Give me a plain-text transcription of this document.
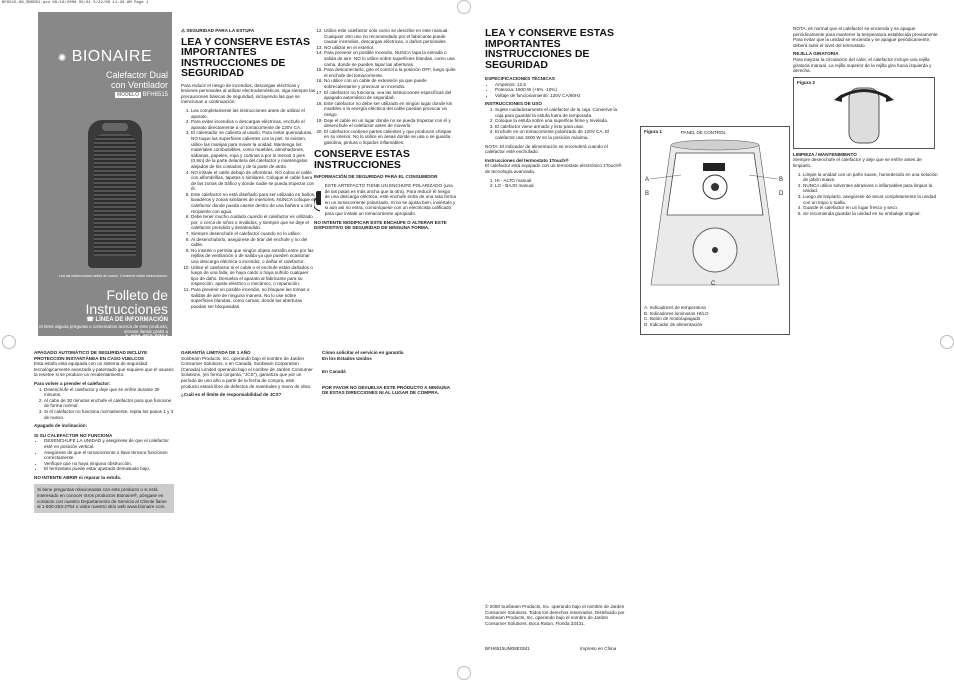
BF6515-08_SBGR01.qxd 09/10/2008 09:01 5/22/08 11:29 AM Page 1
✺ BIONAIRE
Calefactor Dual
con Ventilador
MODELO BFH6515
Lea las instrucciones antes de usarlo. Conserve estas instrucciones.
Folleto de
Instrucciones
☎ LÍNEA DE INFORMACIÓN
Si tiene alguna pregunta o comentarios acerca de este producto, sírvase llamar gratis a
1-800-253-2764
BFH6515-M18IC0008861
⚠ SEGURIDAD PARA LA ESTUFA
LEA Y CONSERVE ESTAS IMPORTANTES INSTRUCCIONES DE SEGURIDAD

Para reducir el riesgo de incendios, descargas eléctricas y lesiones personales al utilizar electrodomésticos, siga siempre las precauciones básicas de seguridad, incluyendo las que se mencionan a continuación:

1. Lea completamente las instrucciones antes de utilizar el aparato.
2. Para evitar incendios o descargas eléctricas, enchufe el aparato directamente a un tomacorriente de 120V CA.
3. El calentador se calienta al usarlo. Para evitar quemaduras, NO toque las superficies calientes con la piel. Si existen, utilice las manijas para mover la unidad. Mantenga los materiales combustibles, como muebles, almohadones, sábanas, papeles, ropa y cortinas a por lo menos 3 pies (0,9m) de la parte delantera del calefactor y manténgalos alejados de los costados y de la parte de atrás.
4. NO instale el cable debajo de alfombras. NO cubra el cable con alfombrillas, tapetes o similares. Coloque el cable fuera de las zonas de tráfico y donde nadie se pueda tropezar con él.
5. Este calefactor no está diseñado para ser utilizado en baños, lavaderos y zonas similares de interiores. NUNCA coloque el calefactor donde pueda caerse dentro de una bañera u otro recipiente con agua.
6. Debe tener mucho cuidado cuando el calefactor es utilizado por, o cerca de niños o inválidos, y siempre que se deje el calefactor prendido y desatendido.
7. Siempre desenchufe el calefactor cuando no lo utilice.
8. Al desenchufarlo, asegúrese de tirar del enchufe y no del cable.
9. No inserte o permita que ningún objeto extraño entre por las rejillas de ventilación o de salida ya que pueden ocasionar una descarga eléctrica o incendio, o dañar el calefactor.
10. Utilice el calefactor si el cable o el enchufe están dañados o luego de una falla, se haya caído o haya sufrido cualquier tipo de daño. Devuelva el aparato al fabricante para su inspección, ajuste eléctrico o mecánico, o reparación.
11. Para prevenir un posible incendio, no bloquee las tomas o salidas de aire de ninguna manera. No lo use sobre superficies blandas, como camas, donde las aberturas puedan ser bloqueadas.
12. Utilice este calefactor sólo como se describe en este manual. Cualquier otro uso no recomendado por el fabricante puede causar incendios, descargas eléctricas, o daños personales.
13. NO utilizar en el exterior.
14. Para prevenir un posible incendio, NUNCA tapa la entrada o salida de aire. NO lo utilice sobre superficies blandas, como una cama, donde se pueden tapar las aberturas.
15. Para desconectarlo, gire el control a la posición OFF, luego quite el enchufe del tomacorriente.
16. No utilice con un cable de extensión ya que puede sobrecalentarse y provocar un incendio.
17. El calefactor no funciona, vea las instrucciones específicas del apagado automático de seguridad.
18. Este calefactor no debe ser utilizado en ningún lugar donde los muebles o la energía eléctrica del cable puedan provocar un riesgo.
19. Deje el cable en un lugar donde no se pueda tropezar con él y desenchufe el calefactor antes de moverlo.
20. El calefactor contiene partes calientes y que producen chispas en su interior. No lo utilice en áreas donde se usa o se guarda gasolina, pintura o líquidos inflamables.
CONSERVE ESTAS INSTRUCCIONES
INFORMACIÓN DE SEGURIDAD PARA EL CONSUMIDOR

ESTE ARTEFACTO TIENE UN ENCHUFE POLARIZADO (una de las patas es más ancha que la otra). Para reducir el riesgo de una descarga eléctrica, este enchufe entra de una sola forma en un tomacorriente polarizado. Si no se ajusta bien, inviértalo y si aún así no entra, comuníquese con un electricista calificado para que instale un tomacorriente apropiado.

NO INTENTE MODIFICAR ESTE ENCHUFE O ALTERAR ESTE DISPOSITIVO DE SEGURIDAD DE NINGUNA FORMA.

LEA Y CONSERVE ESTAS IMPORTANTES INSTRUCCIONES DE SEGURIDAD
ESPECIFICACIONES TÉCNICAS
• Amperios: 12,5
• Potencia: 1500 W (+5% -10%)
• Voltaje de funcionamiento: 120V CA/60Hz
INSTRUCCIONES DE USO
1. Sujete cuidadosamente el calefactor de la caja. Conserve la caja para guardar la estufa fuera de temporada.
2. Coloque la estufa sobre una superficie firme y nivelada.
3. El calefactor viene armado y listo para usar.
4. Enchufe en un tomacorriente polarizado de 120V CA. El calefactor usa 1500 W en la posición máxima.

NOTA: El indicador de alimentación se encenderá cuando el calefactor esté enchufado.

Instrucciones del termostato 1Touch®

El calefactor está equipado con un termostato electrónico 1Touch® de tecnología avanzada.

1. HI - ALTO manual
2. LO - BAJO manual
Figura 1	PANEL DE CONTROL
A
B
B
D
C
A. Indicadores de temperatura
B. Indicadores luminosos HI/LO
C. Botón de modo/apagado
D. Indicador de alimentación

NOTA: es normal que el calefactor se encienda y se apague periódicamente para mantener la temperatura establecida previamente. Para evitar que la unidad se encienda y se apague periódicamente, deberá subir el nivel del termostato.

REJILLA GIRATORIA

Para mejorar la circulación del calor, el calefactor incluye una rejilla giratoria manual. La rejilla superior de la rejilla gira hacia izquierda y derecha.

Figura 2
LIMPIEZA / MANTENIMIENTO

Siempre desenchufe el calefactor y deje que se enfríe antes de limpiarlo.

1. Limpie la unidad con un paño suave, humedecido en una solución de jabón suave.
2. NUNCA utilice solventes abrasivos o inflamables para limpiar la unidad.
3. Luego de limpiarlo, asegúrese de secar completamente la unidad con un trapo o toalla.
4. Guarde el calefactor en un lugar fresco y seco.
5. Se recomienda guardar la unidad en su embalaje original.
APAGADO AUTOMÁTICO DE SEGURIDAD INCLUYE PROTECCIÓN INSTANTÁNEA EN CASO VUELCOS

Esta estufa está equipada con un sistema de seguridad tecnológicamente avanzado y patentado que requiere que el usuario la resetee si se produce un recalentamiento.

Para volver a prender el calefactor:
1. Desenchufe el calefactor y deje que se enfríe durante 30 minutos.
2. Al cabo de 30 minutos enchufe el calefactor para que funcione de forma normal.
3. Si el calefactor no funciona normalmente, repita los pasos 1 y 3 de nuevo.
Apagado de inclinación:
SI SU CALEFACTOR NO FUNCIONA
• DESENCHUFE LA UNIDAD y asegúrese de que el calefactor esté en posición vertical.
• Asegúrese de que el tomacorriente o llave térmica funcionen correctamente.
• Verifique que no haya ninguna obstrucción.
• El termostato puede estar ajustado demasiado bajo.
NO INTENTE ABRIR ni reparar la estufa.
Si tiene preguntas relacionadas con este producto o si está interesado en conocer otros productos Bionaire®, póngase en contacto con nuestro Departamento de Servicio al Cliente llame al 1-800-253-2764 o visite nuestro sitio web www.bionaire.com.
GARANTÍA LIMITADA DE 1 AÑO

Sunbeam Products, Inc. operando bajo el nombre de Jarden Consumer Solutions, o en Canadá, Sunbeam Corporation (Canada) Limited operando bajo el nombre de Jarden Consumer Solutions, (en forma conjunta, "JCS"), garantiza que por un período de uno año a partir de la fecha de compra, este producto estará libre de defectos de materiales y mano de obra.

¿Cuál es el límite de responsabilidad de JCS?
Cómo solicitar el servicio en garantía
En los Estados Unidos
En Canadá
POR FAVOR NO DEVUELVA ESTE PRODUCTO A NINGUNA DE ESTAS DIRECCIONES NI AL LUGAR DE COMPRA.

© 2008 Sunbeam Products, Inc. operando bajo el nombre de Jarden Consumer Solutions. Todos los derechos reservados. Distribuido por Sunbeam Products, Inc. operando bajo el nombre de Jarden Consumer Solutions, Boca Raton, Florida 33431.

BFH6515UM08EGM1	Impreso en China
